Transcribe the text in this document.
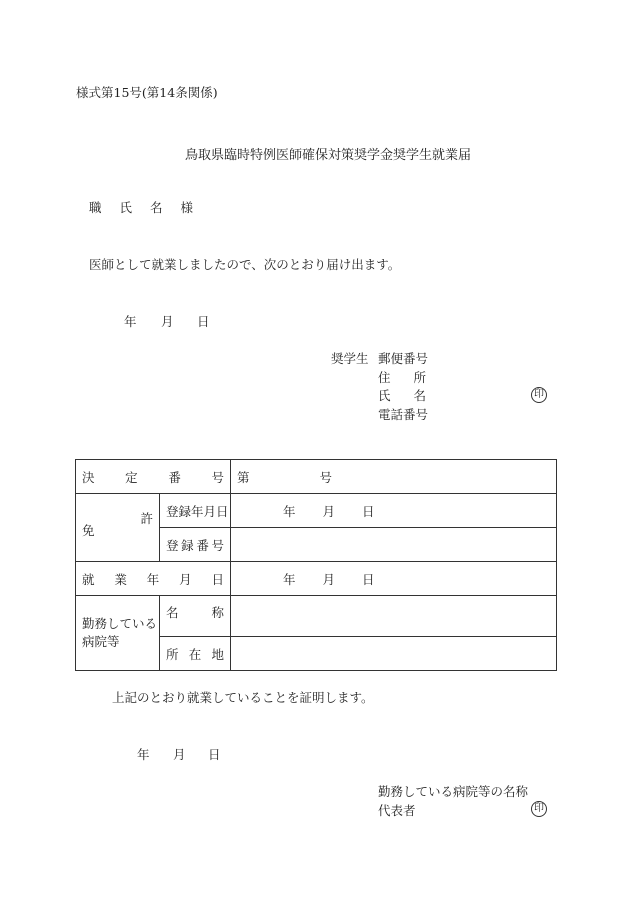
様式第15号(第14条関係)
鳥取県臨時特例医師確保対策奨学金奨学生就業届
職 氏 名 様
医師として就業しましたので、次のとおり届け出ます。
年 月 日
奨学生 郵便番号
住 所
氏 名	印
電話番号
決 定 番 号		第 号

免
許	登録年月日	年 月 日

	登 録 番 号	

就 業 年 月 日		年 月 日

勤務している
病院等	名 称	

	所 在 地	

上記のとおり就業していることを証明します。
年 月 日
勤務している病院等の名称
代表者	印
